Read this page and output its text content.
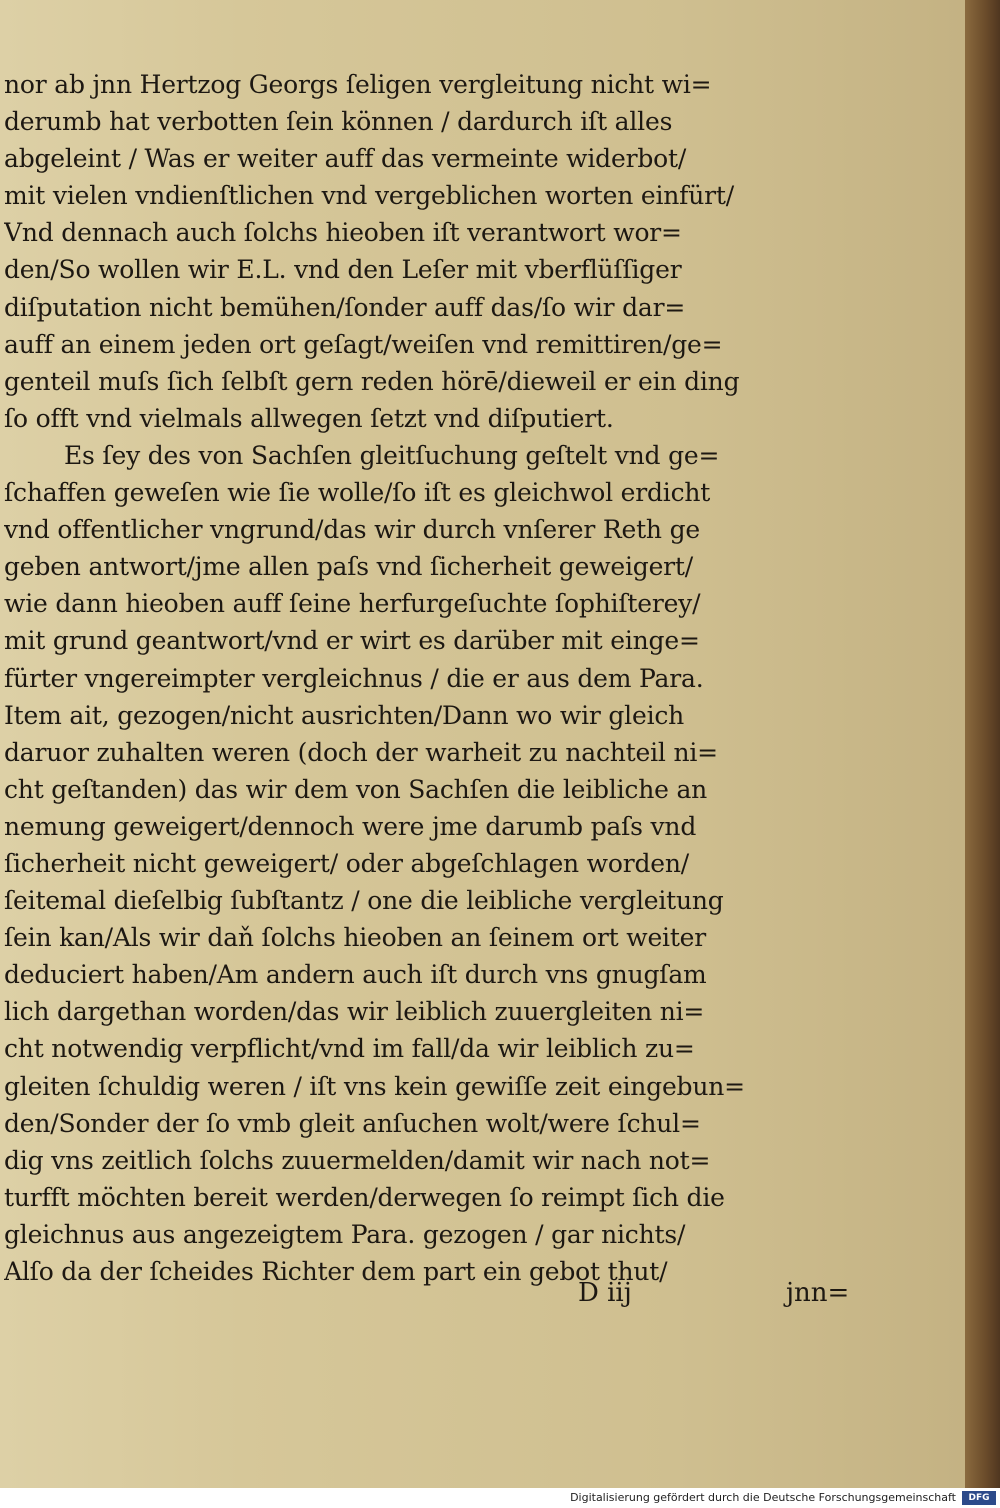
nor ab jnn Hertzog Georgs ſeligen vergleitung nicht wi=
derumb hat verbotten ſein können / dardurch iſt alles
abgeleint / Was er weiter auff das vermeinte widerbot/
mit vielen vndienſtlichen vnd vergeblichen worten einfürt/
Vnd dennach auch ſolchs hieoben iſt verantwort wor=
den/So wollen wir E.L. vnd den Leſer mit vberflüſſiger
diſputation nicht bemühen/ſonder auff das/ſo wir dar=
auff an einem jeden ort geſagt/weiſen vnd remittiren/ge=
genteil muſs ſich ſelbſt gern reden hörē/dieweil er ein ding
ſo offt vnd vielmals allwegen ſetzt vnd diſputiert.
Es ſey des von Sachſen gleitſuchung geſtelt vnd ge=
ſchaffen geweſen wie ſie wolle/ſo iſt es gleichwol erdicht
vnd offentlicher vngrund/das wir durch vnſerer Reth ge
geben antwort/jme allen paſs vnd ſicherheit geweigert/
wie dann hieoben auff ſeine herfurgeſuchte ſophiſterey/
mit grund geantwort/vnd er wirt es darüber mit einge=
fürter vngereimpter vergleichnus / die er aus dem Para.
Item ait, gezogen/nicht ausrichten/Dann wo wir gleich
daruor zuhalten weren (doch der warheit zu nachteil ni=
cht geſtanden) das wir dem von Sachſen die leibliche an
nemung geweigert/dennoch were jme darumb paſs vnd
ſicherheit nicht geweigert/ oder abgeſchlagen worden/
ſeitemal dieſelbig ſubſtantz / one die leibliche vergleitung
ſein kan/Als wir daň ſolchs hieoben an ſeinem ort weiter
deduciert haben/Am andern auch iſt durch vns gnugſam
lich dargethan worden/das wir leiblich zuuergleiten ni=
cht notwendig verpflicht/vnd im fall/da wir leiblich zu=
gleiten ſchuldig weren / iſt vns kein gewiſſe zeit eingebun=
den/Sonder der ſo vmb gleit anſuchen wolt/were ſchul=
dig vns zeitlich ſolchs zuuermelden/damit wir nach not=
turfft möchten bereit werden/derwegen ſo reimpt ſich die
gleichnus aus angezeigtem Para. gezogen / gar nichts/
Alſo da der ſcheides Richter dem part ein gebot thut/
D iij	jnn=
Digitalisierung gefördert durch die Deutsche Forschungsgemeinschaft	DFG
